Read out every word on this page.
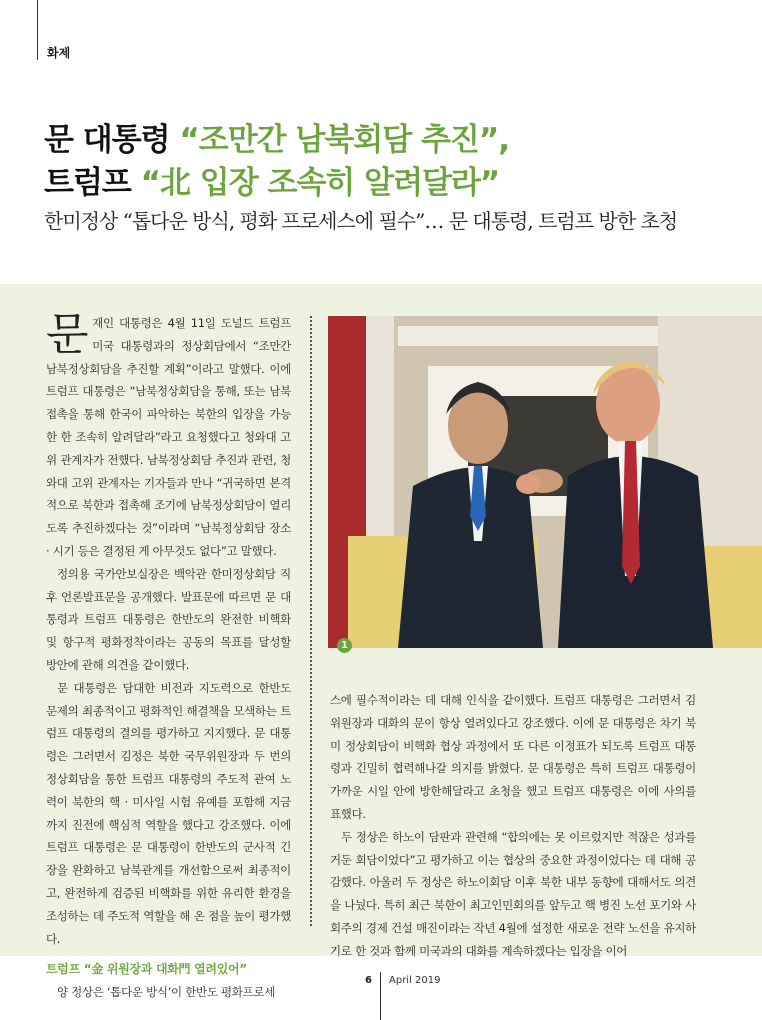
화제
문 대통령 “조만간 남북회담 추진”,
트럼프 “北 입장 조속히 알려달라”
한미정상 “톱다운 방식, 평화 프로세스에 필수”… 문 대통령, 트럼프 방한 초청

문재인 대통령은 4월 11일 도널드 트럼프 미국 대통령과의 정상회담에서 “조만간 남북정상회담을 추진할 계획”이라고 말했다. 이에 트럼프 대통령은 “남북정상회담을 통해, 또는 남북접촉을 통해 한국이 파악하는 북한의 입장을 가능한 한 조속히 알려달라”라고 요청했다고 청와대 고위 관계자가 전했다. 남북정상회담 추진과 관련, 청와대 고위 관계자는 기자들과 만나 “귀국하면 본격적으로 북한과 접촉해 조기에 남북정상회담이 열리도록 추진하겠다는 것”이라며 “남북정상회담 장소 · 시기 등은 결정된 게 아무것도 없다”고 말했다.

정의용 국가안보실장은 백악관 한미정상회담 직후 언론발표문을 공개했다. 발표문에 따르면 문 대통령과 트럼프 대통령은 한반도의 완전한 비핵화 및 항구적 평화정착이라는 공동의 목표를 달성할 방안에 관해 의견을 같이했다.

문 대통령은 담대한 비전과 지도력으로 한반도 문제의 최종적이고 평화적인 해결책을 모색하는 트럼프 대통령의 결의를 평가하고 지지했다. 문 대통령은 그러면서 김정은 북한 국무위원장과 두 번의 정상회담을 통한 트럼프 대통령의 주도적 관여 노력이 북한의 핵 · 미사일 시험 유예를 포함해 지금까지 진전에 핵심적 역할을 했다고 강조했다. 이에 트럼프 대통령은 문 대통령이 한반도의 군사적 긴장을 완화하고 남북관계를 개선함으로써 최종적이고, 완전하게 검증된 비핵화를 위한 유리한 환경을 조성하는 데 주도적 역할을 해 온 점을 높이 평가했다.

트럼프 “金 위원장과 대화門 열려있어”

양 정상은 ‘톱다운 방식’이 한반도 평화프로세

1

스에 필수적이라는 데 대해 인식을 같이했다. 트럼프 대통령은 그러면서 김 위원장과 대화의 문이 항상 열려있다고 강조했다. 이에 문 대통령은 차기 북미 정상회담이 비핵화 협상 과정에서 또 다른 이정표가 되도록 트럼프 대통령과 긴밀히 협력해나갈 의지를 밝혔다. 문 대통령은 특히 트럼프 대통령이 가까운 시일 안에 방한해달라고 초청을 했고 트럼프 대통령은 이에 사의를 표했다.

두 정상은 하노이 담판과 관련해 “합의에는 못 이르렀지만 적잖은 성과를 거둔 회담이었다”고 평가하고 이는 협상의 중요한 과정이었다는 데 대해 공감했다. 아울러 두 정상은 하노이회담 이후 북한 내부 동향에 대해서도 의견을 나눴다. 특히 최근 북한이 최고인민회의를 앞두고 핵 병진 노선 포기와 사회주의 경제 건설 매진이라는 작년 4월에 설정한 새로운 전략 노선을 유지하기로 한 것과 함께 미국과의 대화를 계속하겠다는 입장을 이어

6 April 2019
